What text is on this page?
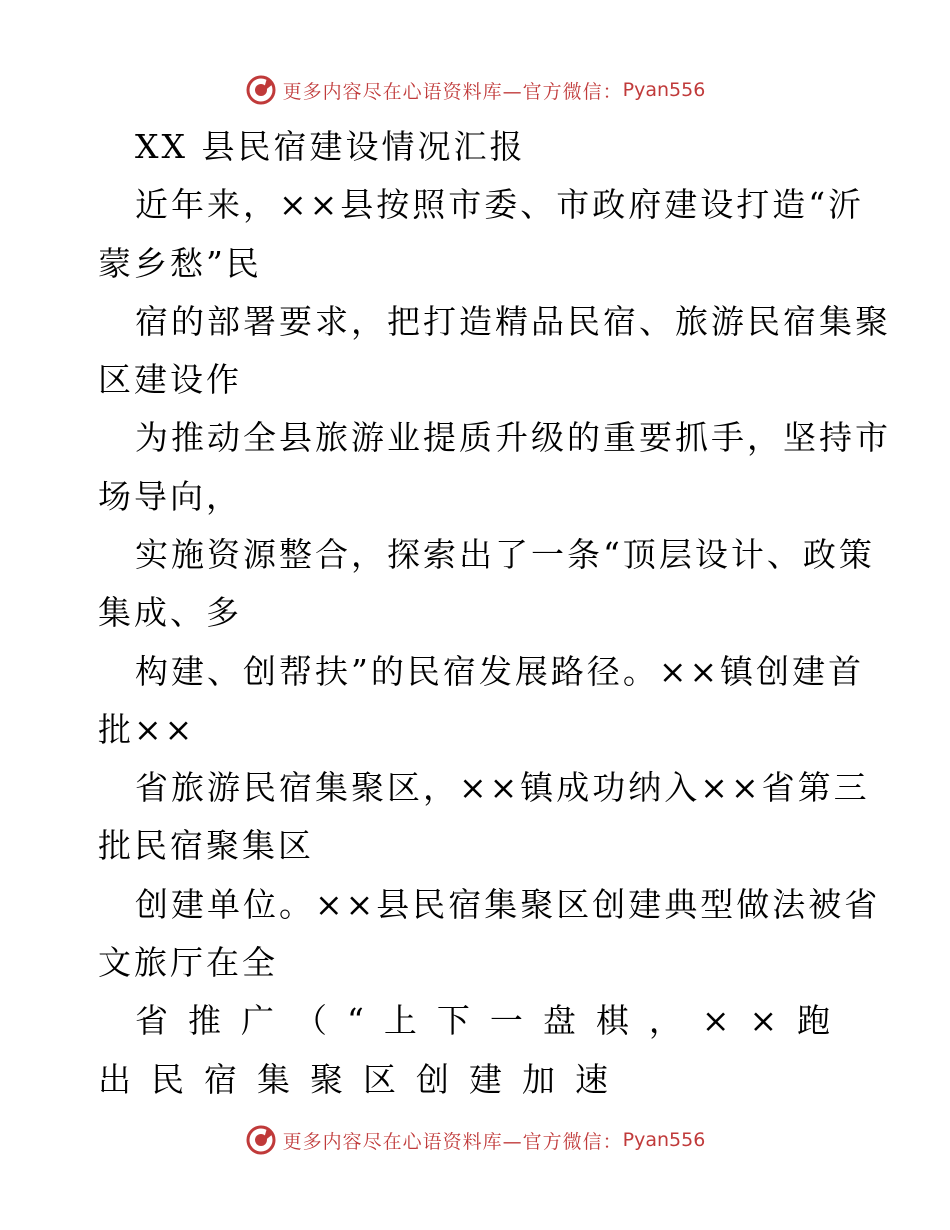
更多内容尽在心语资料库—官方微信： Pyan556
XX 县民宿建设情况汇报
近年来，××县按照市委、市政府建设打造“沂
蒙乡愁”民
宿的部署要求，把打造精品民宿、旅游民宿集聚
区建设作
为推动全县旅游业提质升级的重要抓手，坚持市
场导向，
实施资源整合，探索出了一条“顶层设计、政策
集成、多
构建、创帮扶”的民宿发展路径。××镇创建首
批××
省旅游民宿集聚区，××镇成功纳入××省第三
批民宿聚集区
创建单位。××县民宿集聚区创建典型做法被省
文旅厅在全
省推广（“上下一盘棋，××跑
出民宿集聚区创建加速
更多内容尽在心语资料库—官方微信： Pyan556
